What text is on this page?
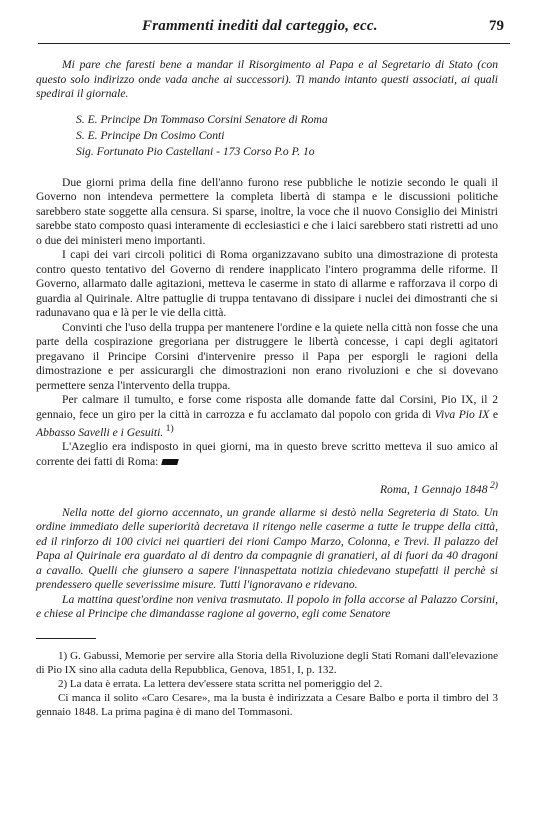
Frammenti inediti dal carteggio, ecc.	79

Mi pare che faresti bene a mandar il Risorgimento al Papa e al Segretario di Stato (con questo solo indirizzo onde vada anche ai successori). Ti mando intanto questi associati, ai quali spedirai il giornale.

S. E. Principe Dn Tommaso Corsini Senatore di Roma
S. E. Principe Dn Cosimo Conti
Sig. Fortunato Pio Castellani - 173 Corso P.o P. 1o

Due giorni prima della fine dell'anno furono rese pubbliche le notizie secondo le quali il Governo non intendeva permettere la completa libertà di stampa e le discussioni politiche sarebbero state soggette alla censura. Si sparse, inoltre, la voce che il nuovo Consiglio dei Ministri sarebbe stato composto quasi interamente di ecclesiastici e che i laici sarebbero stati ristretti ad uno o due dei ministeri meno importanti.

I capi dei vari circoli politici di Roma organizzavano subito una dimostrazione di protesta contro questo tentativo del Governo di rendere inapplicato l'intero programma delle riforme. Il Governo, allarmato dalle agitazioni, metteva le caserme in stato di allarme e rafforzava il corpo di guardia al Quirinale. Altre pattuglie di truppa tentavano di dissipare i nuclei dei dimostranti che si radunavano qua e là per le vie della città.

Convinti che l'uso della truppa per mantenere l'ordine e la quiete nella città non fosse che una parte della cospirazione gregoriana per distruggere le libertà concesse, i capi degli agitatori pregavano il Principe Corsini d'intervenire presso il Papa per esporgli le ragioni della dimostrazione e per assicurargli che dimostrazioni non erano rivoluzioni e che si dovevano permettere senza l'intervento della truppa.

Per calmare il tumulto, e forse come risposta alle domande fatte dal Corsini, Pio IX, il 2 gennaio, fece un giro per la città in carrozza e fu acclamato dal popolo con grida di Viva Pio IX e Abbasso Savelli e i Gesuiti. $^{1)}$

L'Azeglio era indisposto in quei giorni, ma in questo breve scritto metteva il suo amico al corrente dei fatti di Roma:

Roma, 1 Gennajo 1848 $^{2)}$

Nella notte del giorno accennato, un grande allarme si destò nella Segreteria di Stato. Un ordine immediato delle superiorità decretava il ritengo nelle caserme a tutte le truppe della città, ed il rinforzo di 100 civici nei quartieri dei rioni Campo Marzo, Colonna, e Trevi. Il palazzo del Papa al Quirinale era guardato al di dentro da compagnie di granatieri, al di fuori da 40 dragoni a cavallo. Quelli che giunsero a sapere l'innaspettata notizia chiedevano stupefatti il perchè si prendessero quelle severissime misure. Tutti l'ignoravano e ridevano.

La mattina quest'ordine non veniva trasmutato. Il popolo in folla accorse al Palazzo Corsini, e chiese al Principe che dimandasse ragione al governo, egli come Senatore

1) G. Gabussi, Memorie per servire alla Storia della Rivoluzione degli Stati Romani dall'elevazione di Pio IX sino alla caduta della Repubblica, Genova, 1851, I, p. 132.

2) La data è errata. La lettera dev'essere stata scritta nel pomeriggio del 2.

Ci manca il solito «Caro Cesare», ma la busta è indirizzata a Cesare Balbo e porta il timbro del 3 gennaio 1848. La prima pagina è di mano del Tommasoni.
